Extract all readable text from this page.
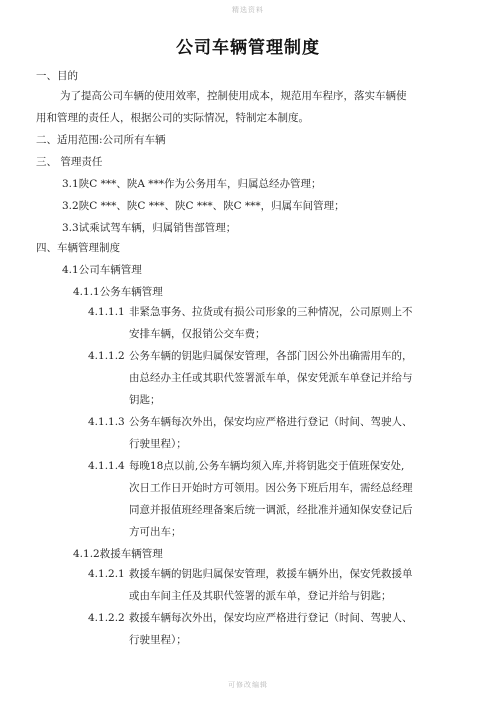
精选资料
公司车辆管理制度
一、目的
为了提高公司车辆的使用效率，控制使用成本，规范用车程序，落实车辆使
用和管理的责任人，根据公司的实际情况，特制定本制度。
二、适用范围:公司所有车辆
三、 管理责任
3.1陕C ***、陕A ***作为公务用车，归属总经办管理；
3.2陕C ***、陕C ***、陕C ***、陕C ***，归属车间管理；
3.3试乘试驾车辆，归属销售部管理；
四、车辆管理制度
4.1公司车辆管理
4.1.1公务车辆管理
4.1.1.1 非紧急事务、拉货或有损公司形象的三种情况，公司原则上不
安排车辆，仅报销公交车费；
4.1.1.2 公务车辆的钥匙归属保安管理，各部门因公外出确需用车的，
由总经办主任或其职代签署派车单，保安凭派车单登记并给与
钥匙；
4.1.1.3 公务车辆每次外出，保安均应严格进行登记（时间、驾驶人、
行驶里程）；
4.1.1.4 每晚18点以前,公务车辆均须入库,并将钥匙交于值班保安处,
次日工作日开始时方可领用。因公务下班后用车，需经总经理
同意并报值班经理备案后统一调派，经批准并通知保安登记后
方可出车；
4.1.2救援车辆管理
4.1.2.1 救援车辆的钥匙归属保安管理，救援车辆外出，保安凭救援单
或由车间主任及其职代签署的派车单，登记并给与钥匙；
4.1.2.2 救援车辆每次外出，保安均应严格进行登记（时间、驾驶人、
行驶里程）；
可修改编辑
